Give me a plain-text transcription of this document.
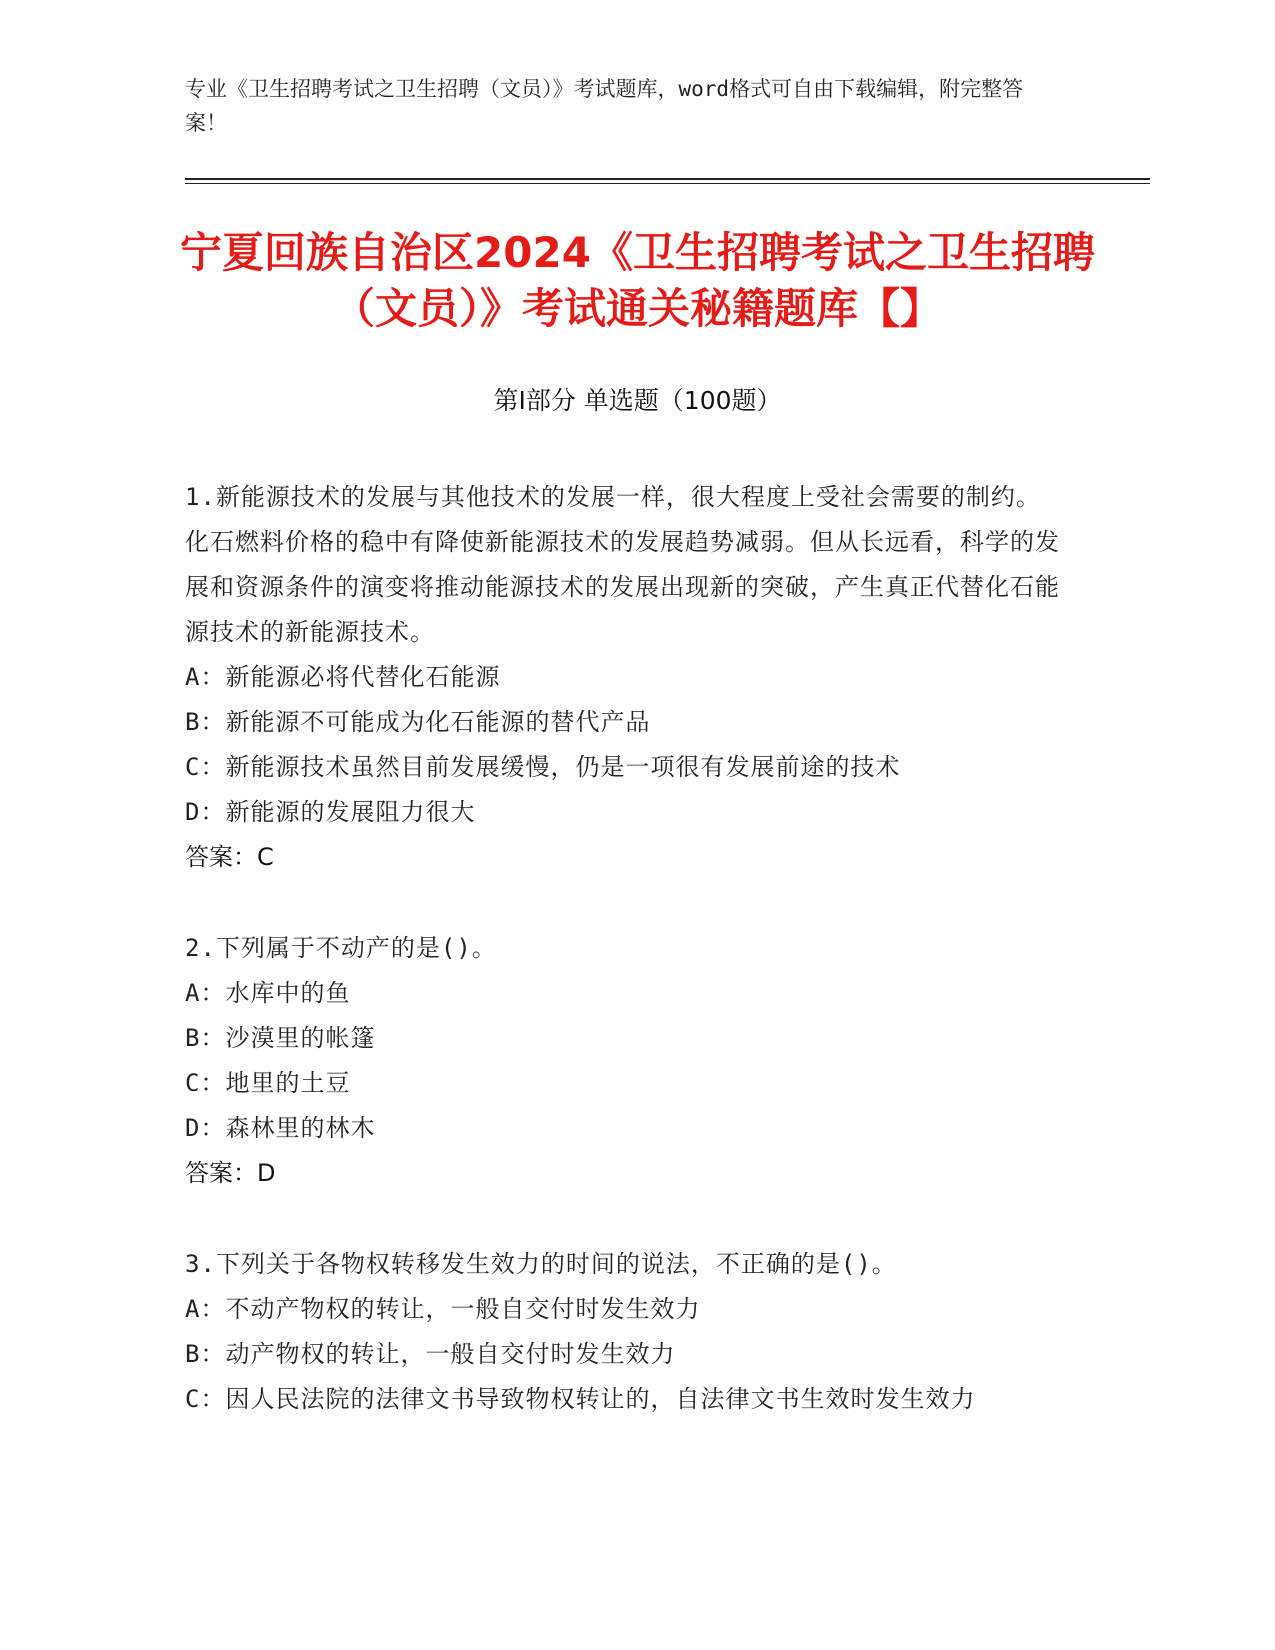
专业《卫生招聘考试之卫生招聘（文员）》考试题库，word格式可自由下载编辑，附完整答案！
宁夏回族自治区2024《卫生招聘考试之卫生招聘（文员）》考试通关秘籍题库【】
第Ⅰ部分 单选题（100题）

1.新能源技术的发展与其他技术的发展一样，很大程度上受社会需要的制约。化石燃料价格的稳中有降使新能源技术的发展趋势减弱。但从长远看，科学的发展和资源条件的演变将推动能源技术的发展出现新的突破，产生真正代替化石能源技术的新能源技术。

A：新能源必将代替化石能源

B：新能源不可能成为化石能源的替代产品

C：新能源技术虽然目前发展缓慢，仍是一项很有发展前途的技术

D：新能源的发展阻力很大

答案：C

2.下列属于不动产的是()。

A：水库中的鱼

B：沙漠里的帐篷

C：地里的土豆

D：森林里的林木

答案：D

3.下列关于各物权转移发生效力的时间的说法，不正确的是()。

A：不动产物权的转让，一般自交付时发生效力

B：动产物权的转让，一般自交付时发生效力

C：因人民法院的法律文书导致物权转让的，自法律文书生效时发生效力
